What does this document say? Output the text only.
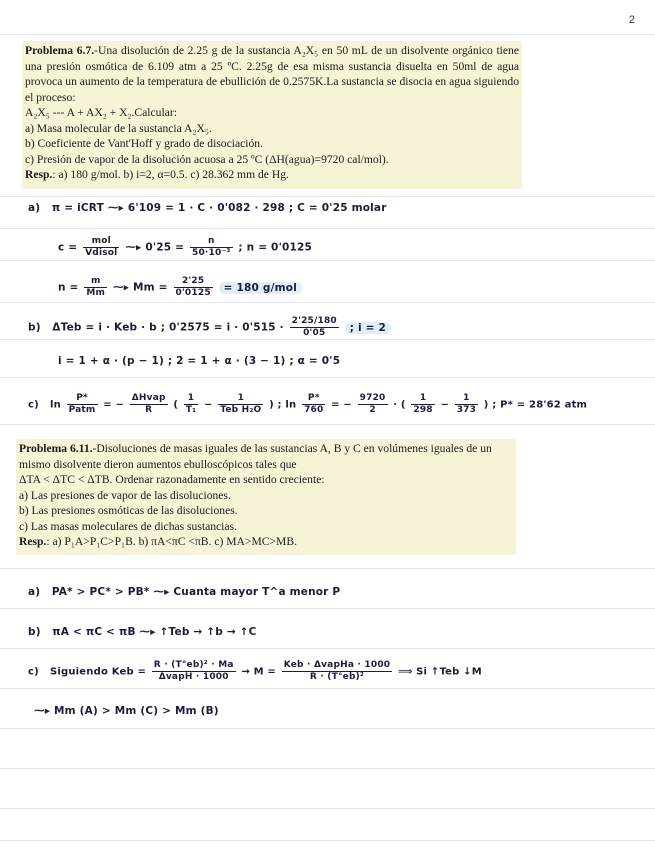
2

Problema 6.7.-Una disolución de 2.25 g de la sustancia A₂X₅ en 50 mL de un disolvente orgánico tiene una presión osmótica de 6.109 atm a 25 ºC. 2.25g de esa misma sustancia disuelta en 50ml de agua provoca un aumento de la temperatura de ebullición de 0.2575K.La sustancia se disocia en agua siguiendo el proceso:

A₂X₅ --- A + AX₂ + X₂.Calcular:

a) Masa molecular de la sustancia A₂X₅.

b) Coeficiente de Vant'Hoff y grado de disociación.

c) Presión de vapor de la disolución acuosa a 25 ºC (ΔH(agua)=9720 cal/mol).

Resp.: a) 180 g/mol. b) i=2, α=0.5. c) 28.362 mm de Hg.

a) π = iCRT ⁓▸ 6'109 = 1 · C · 0'082 · 298 ; C = 0'25 molar
$c = \frac{\text{mol}}{\text{Vdisol}}$ ⁓▸ $0'25 = \frac{n}{\text{50·10⁻³}}$ ; n = 0'0125
$n = \frac{m}{Mm}$ ⁓▸ $Mm = \frac{2'25}{0'0125} = 180$ g/mol
b) ΔTeb = i · Keb · b ; $0'2575 = i \cdot 0'515 \cdot \frac{2'25/180}{0'05}$ ; i = 2
i = 1 + α · (p − 1) ; 2 = 1 + α · (3 − 1) ; α = 0'5
c) $\ln \frac{P*}{\text{Patm}}$ = − $\frac{\text{ΔHvap}}{R}$ ( $\frac{1}{\text{T₁}} - \frac{1}{\text{Teb H₂O}}$ ) ; $\ln \frac{P*}{760}$ = − $\frac{9720}{2}$ · ( $\frac{1}{298} - \frac{1}{373}$ ) ; P* = 28'62 atm

Problema 6.11.-Disoluciones de masas iguales de las sustancias A, B y C en volúmenes iguales de un mismo disolvente dieron aumentos ebulloscópicos tales que

ΔTA < ΔTC < ΔTB. Ordenar razonadamente en sentido creciente:

a) Las presiones de vapor de las disoluciones.

b) Las presiones osmóticas de las disoluciones.

c) Las masas moleculares de dichas sustancias.

Resp.: a) P₁A>P₁C>P₁B. b) πA<πC <πB. c) MA>MC>MB.

a) PA* > PC* > PB* ⁓▸ Cuanta mayor T^a menor P
b) πA < πC < πB ⁓▸ ↑Teb → ↑b → ↑C
c) Siguiendo Keb = $\frac{\text{R · (T°eb)² · Ma}}{\text{ΔvapH · 1000}} \to M = \frac{\text{Keb · ΔvapHa · 1000}}{\text{R · (T°eb)²}}$ ⟹ Si ↑Teb ↓M
⁓▸ Mm (A) > Mm (C) > Mm (B)
